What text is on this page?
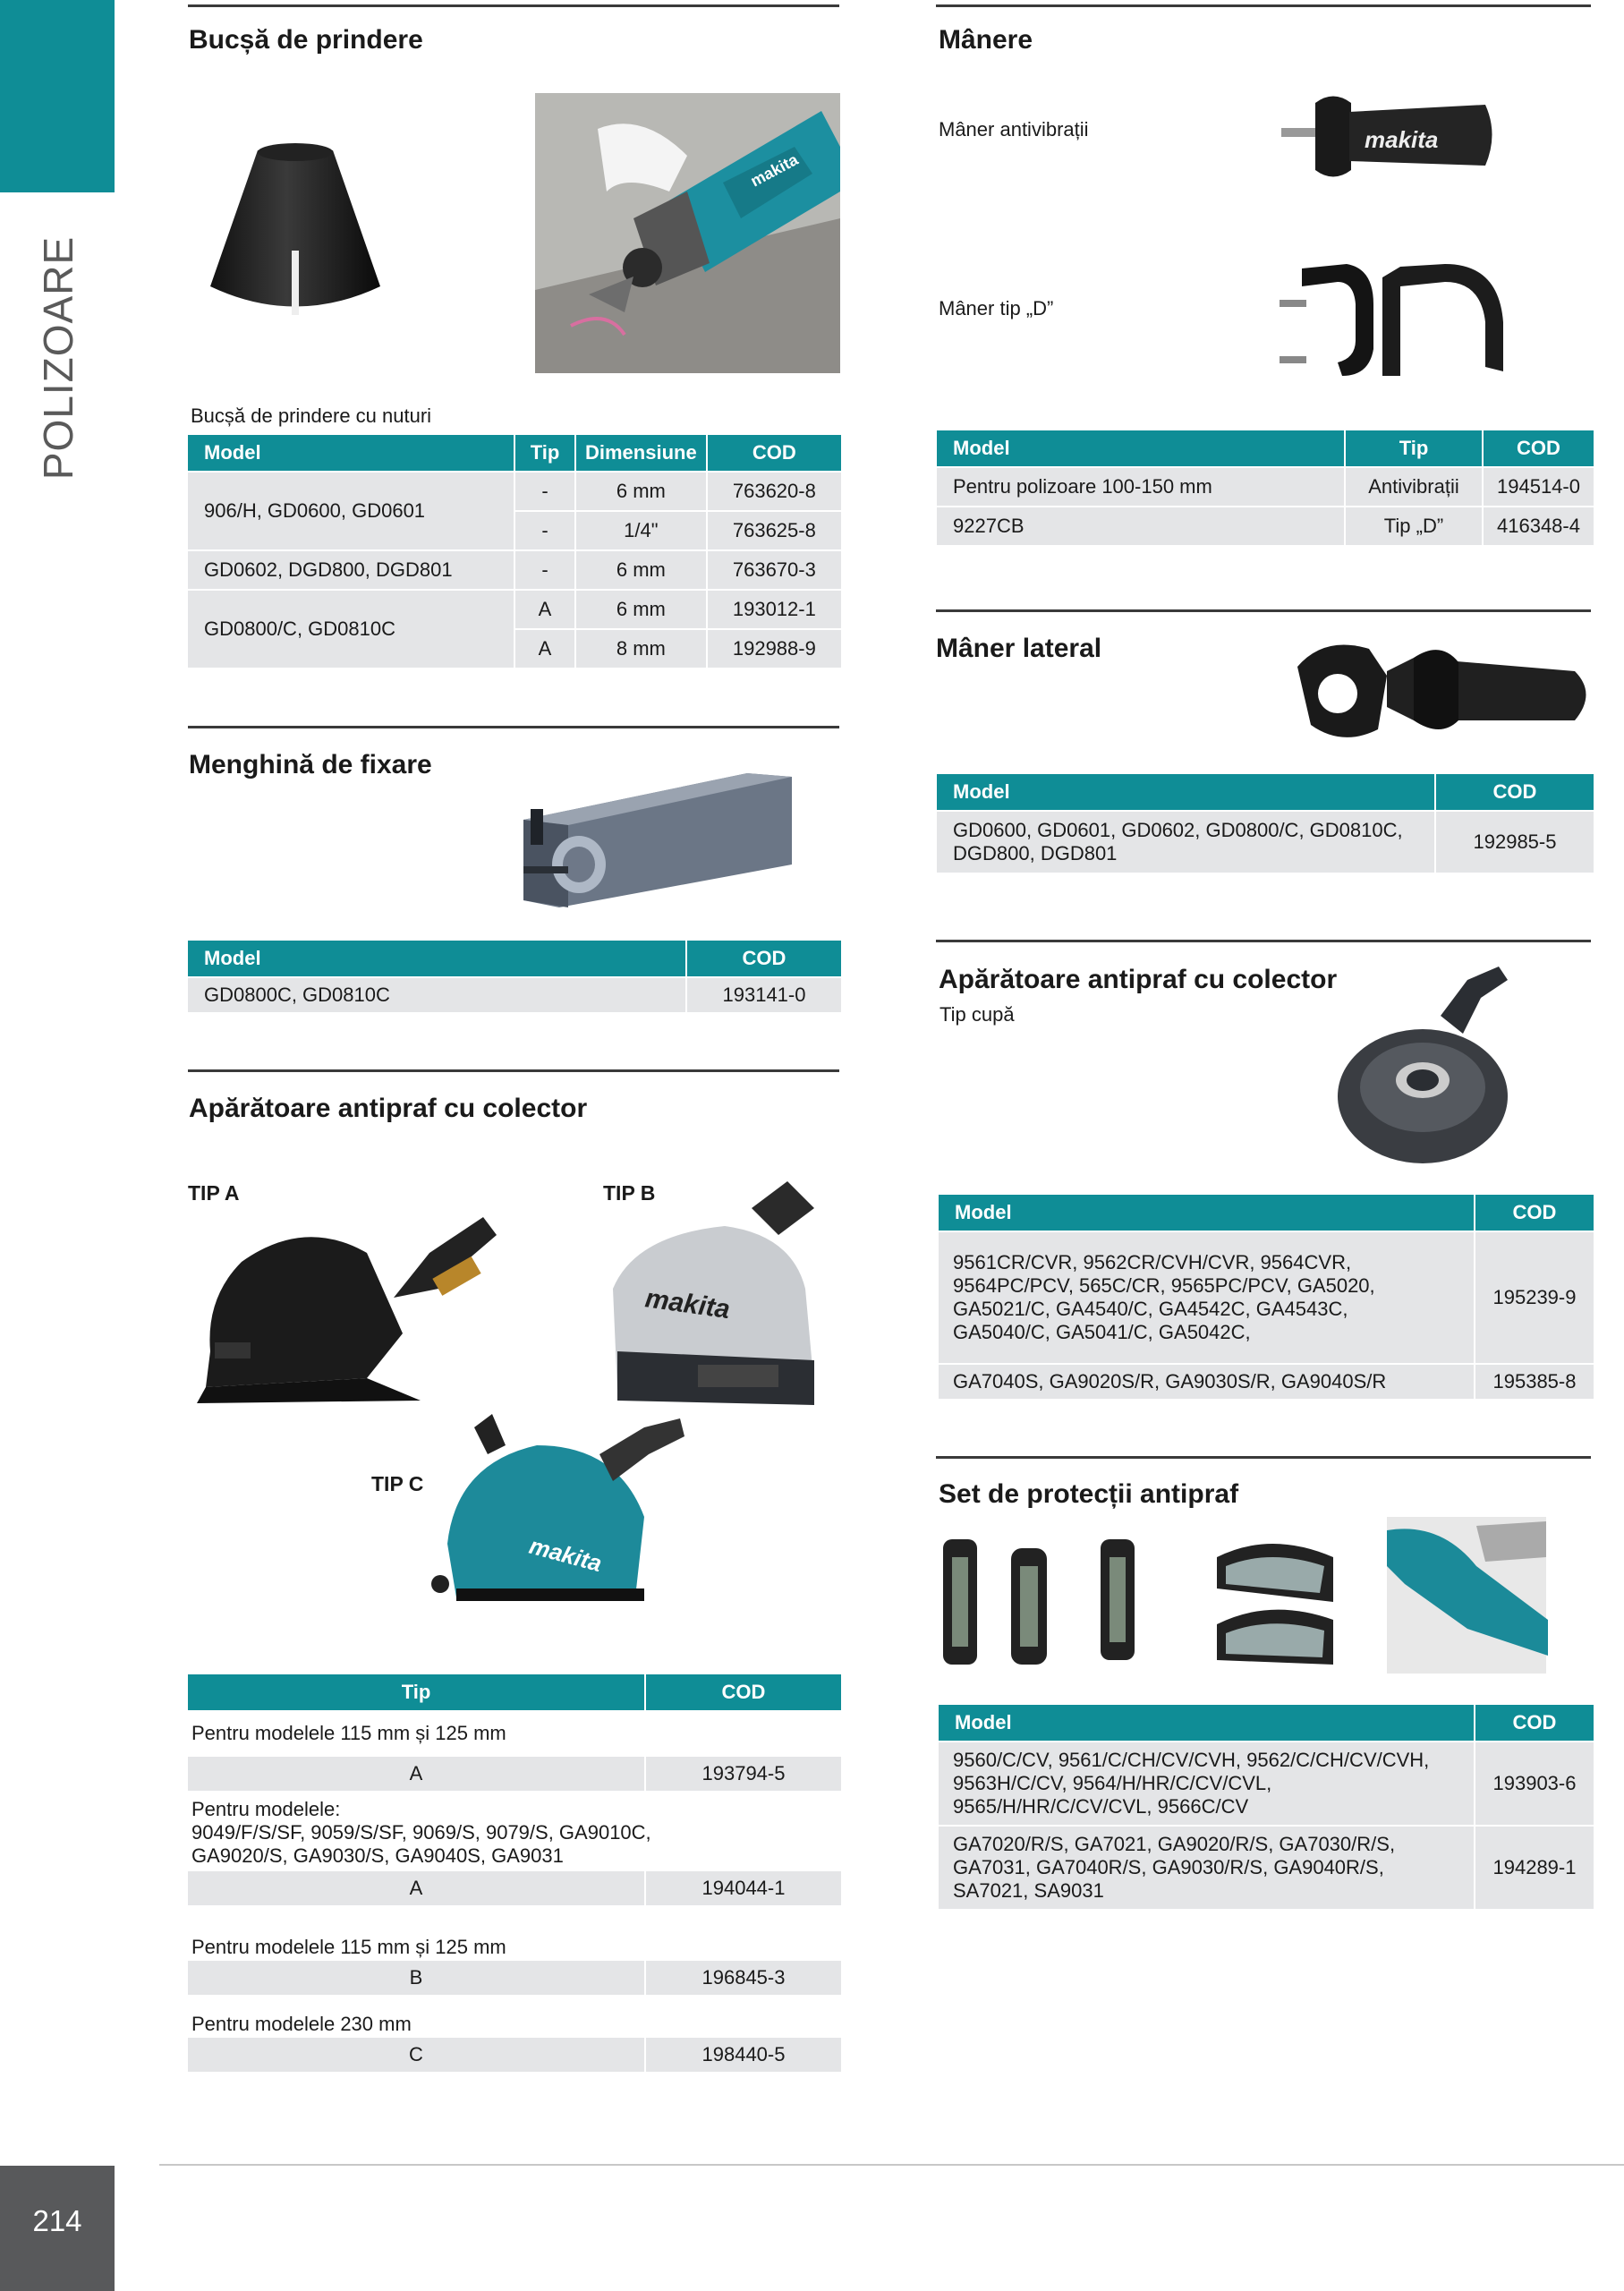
POLIZOARE
214
Bucșă de prindere
makita
Bucșă de prindere cu nuturi
Model	Tip	Dimensiune	COD
906/H, GD0600, GD0601	-	6 mm	763620-8
	-	1/4"	763625-8
GD0602, DGD800, DGD801	-	6 mm	763670-3
GD0800/C, GD0810C	A	6 mm	193012-1
	A	8 mm	192988-9
Menghină de fixare
Model	COD
GD0800C, GD0810C	193141-0
Apărătoare antipraf cu colector
TIP A	TIP B
TIP C
makita
makita
Tip	COD
Pentru modelele 115 mm și 125 mm	
A	193794-5
Pentru modelele:
9049/F/S/SF, 9059/S/SF, 9069/S, 9079/S, GA9010C,
GA9020/S, GA9030/S, GA9040S, GA9031	
A	194044-1
Pentru modelele 115 mm și 125 mm	
B	196845-3
Pentru modelele 230 mm	
C	198440-5
Mânere
Mâner antivibrații
Mâner tip „D”
makita
Model	Tip	COD
Pentru polizoare 100-150 mm	Antivibrații	194514-0
9227CB	Tip „D”	416348-4
Mâner lateral
Model	COD
GD0600, GD0601, GD0602, GD0800/C, GD0810C, DGD800, DGD801	192985-5
Apărătoare antipraf cu colector
Tip cupă
Model	COD
9561CR/CVR, 9562CR/CVH/CVR, 9564CVR, 9564PC/PCV, 565C/CR, 9565PC/PCV, GA5020, GA5021/C, GA4540/C, GA4542C, GA4543C, GA5040/C, GA5041/C, GA5042C,	195239-9
GA7040S, GA9020S/R, GA9030S/R, GA9040S/R	195385-8
Set de protecții antipraf
Model	COD
9560/C/CV, 9561/C/CH/CV/CVH, 9562/C/CH/CV/CVH, 9563H/C/CV, 9564/H/HR/C/CV/CVL, 9565/H/HR/C/CV/CVL, 9566C/CV	193903-6
GA7020/R/S, GA7021, GA9020/R/S, GA7030/R/S, GA7031, GA7040R/S, GA9030/R/S, GA9040R/S, SA7021, SA9031	194289-1
